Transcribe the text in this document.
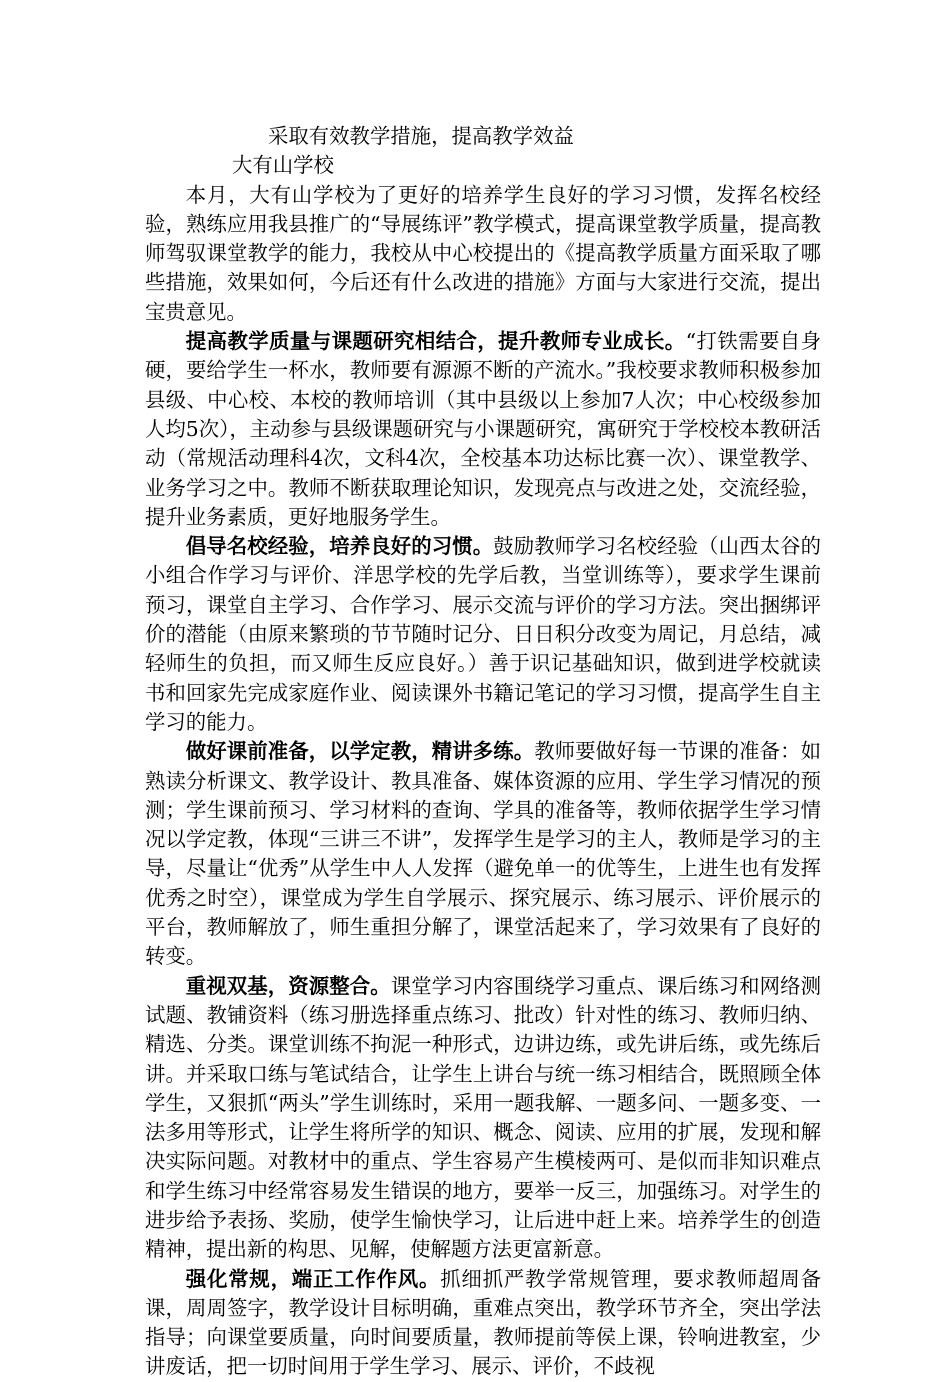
采取有效教学措施，提高教学效益

大有山学校

本月，大有山学校为了更好的培养学生良好的学习习惯，发挥名校经验，熟练应用我县推广的“导展练评”教学模式，提高课堂教学质量，提高教师驾驭课堂教学的能力，我校从中心校提出的《提高教学质量方面采取了哪些措施，效果如何，今后还有什么改进的措施》方面与大家进行交流，提出宝贵意见。

提高教学质量与课题研究相结合，提升教师专业成长。“打铁需要自身硬，要给学生一杯水，教师要有源源不断的产流水。”我校要求教师积极参加县级、中心校、本校的教师培训（其中县级以上参加7人次；中心校级参加人均5次），主动参与县级课题研究与小课题研究，寓研究于学校校本教研活动（常规活动理科4次，文科4次，全校基本功达标比赛一次）、课堂教学、业务学习之中。教师不断获取理论知识，发现亮点与改进之处，交流经验，提升业务素质，更好地服务学生。

倡导名校经验，培养良好的习惯。鼓励教师学习名校经验（山西太谷的小组合作学习与评价、洋思学校的先学后教，当堂训练等），要求学生课前预习，课堂自主学习、合作学习、展示交流与评价的学习方法。突出捆绑评价的潜能（由原来繁琐的节节随时记分、日日积分改变为周记，月总结，减轻师生的负担，而又师生反应良好。）善于识记基础知识，做到进学校就读书和回家先完成家庭作业、阅读课外书籍记笔记的学习习惯，提高学生自主学习的能力。

做好课前准备，以学定教，精讲多练。教师要做好每一节课的准备：如熟读分析课文、教学设计、教具准备、媒体资源的应用、学生学习情况的预测；学生课前预习、学习材料的查询、学具的准备等，教师依据学生学习情况以学定教，体现“三讲三不讲”，发挥学生是学习的主人，教师是学习的主导，尽量让“优秀”从学生中人人发挥（避免单一的优等生，上进生也有发挥优秀之时空），课堂成为学生自学展示、探究展示、练习展示、评价展示的平台，教师解放了，师生重担分解了，课堂活起来了，学习效果有了良好的转变。

重视双基，资源整合。课堂学习内容围绕学习重点、课后练习和网络测试题、教铺资料（练习册选择重点练习、批改）针对性的练习、教师归纳、精选、分类。课堂训练不拘泥一种形式，边讲边练，或先讲后练，或先练后讲。并采取口练与笔试结合，让学生上讲台与统一练习相结合，既照顾全体学生，又狠抓“两头”学生训练时，采用一题我解、一题多问、一题多变、一法多用等形式，让学生将所学的知识、概念、阅读、应用的扩展，发现和解决实际问题。对教材中的重点、学生容易产生模棱两可、是似而非知识难点和学生练习中经常容易发生错误的地方，要举一反三，加强练习。对学生的进步给予表扬、奖励，使学生愉快学习，让后进中赶上来。培养学生的创造精神，提出新的构思、见解，使解题方法更富新意。

强化常规，端正工作作风。抓细抓严教学常规管理，要求教师超周备课，周周签字，教学设计目标明确，重难点突出，教学环节齐全，突出学法指导；向课堂要质量，向时间要质量，教师提前等侯上课，铃响进教室，少讲废话，把一切时间用于学生学习、展示、评价，不歧视
